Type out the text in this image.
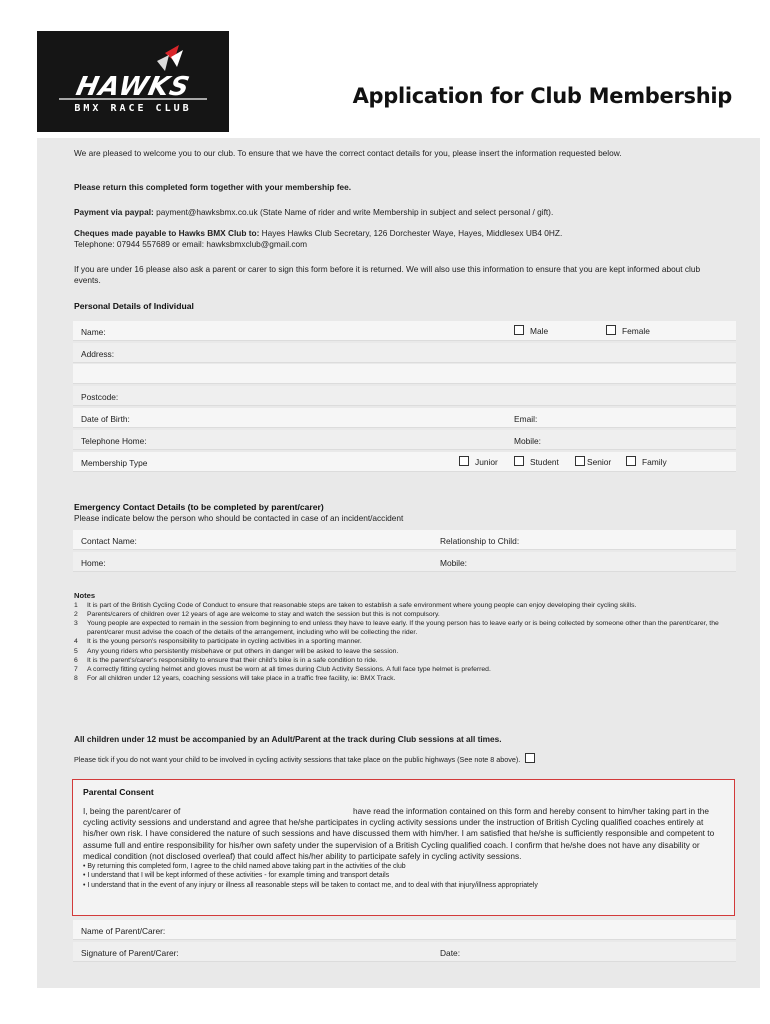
HAWKS
BMX RACE CLUB
Application for Club Membership
We are pleased to welcome you to our club. To ensure that we have the correct contact details for you, please insert the information requested below.
Please return this completed form together with your membership fee.
Payment via paypal: payment@hawksbmx.co.uk (State Name of rider and write Membership in subject and select personal / gift).
Cheques made payable to Hawks BMX Club to: Hayes Hawks Club Secretary, 126 Dorchester Waye, Hayes, Middlesex UB4 0HZ.
Telephone: 07944 557689 or email: hawksbmxclub@gmail.com
If you are under 16 please also ask a parent or carer to sign this form before it is returned. We will also use this information to ensure that you are kept informed about club events.
Personal Details of Individual
Name:	Male	Female
Address:
Postcode:
Date of Birth:	Email:
Telephone Home:	Mobile:
Membership Type	Junior	Student	Senior	Family
Emergency Contact Details (to be completed by parent/carer)
Please indicate below the person who should be contacted in case of an incident/accident
Contact Name:	Relationship to Child:
Home:	Mobile:
Notes
1 It is part of the British Cycling Code of Conduct to ensure that reasonable steps are taken to establish a safe environment where young people can enjoy developing their cycling skills.
2 Parents/carers of children over 12 years of age are welcome to stay and watch the session but this is not compulsory.
3 Young people are expected to remain in the session from beginning to end unless they have to leave early. If the young person has to leave early or is being collected by someone other than the parent/carer, the parent/carer must advise the coach of the details of the arrangement, including who will be collecting the rider.
4 It is the young person's responsibility to participate in cycling activities in a sporting manner.
5 Any young riders who persistently misbehave or put others in danger will be asked to leave the session.
6 It is the parent's/carer's responsibility to ensure that their child's bike is in a safe condition to ride.
7 A correctly fitting cycling helmet and gloves must be worn at all times during Club Activity Sessions. A full face type helmet is preferred.
8 For all children under 12 years, coaching sessions will take place in a traffic free facility, ie: BMX Track.
All children under 12 must be accompanied by an Adult/Parent at the track during Club sessions at all times.
Please tick if you do not want your child to be involved in cycling activity sessions that take place on the public highways (See note 8 above).
Parental Consent
I, being the parent/carer of	have read the information contained on this form and hereby consent to him/her taking part in the cycling activity sessions and understand and agree that he/she participates in cycling activity sessions under the instruction of British Cycling qualified coaches entirely at his/her own risk. I have considered the nature of such sessions and have discussed them with him/her. I am satisfied that he/she is sufficiently responsible and competent to assume full and entire responsibility for his/her own safety under the supervision of a British Cycling qualified coach. I confirm that he/she does not have any disability or medical condition (not disclosed overleaf) that could affect his/her ability to participate safely in cycling activity sessions.
• By returning this completed form, I agree to the child named above taking part in the activities of the club
• I understand that I will be kept informed of these activities - for example timing and transport details
• I understand that in the event of any injury or illness all reasonable steps will be taken to contact me, and to deal with that injury/illness appropriately
Name of Parent/Carer:
Signature of Parent/Carer:	Date:
